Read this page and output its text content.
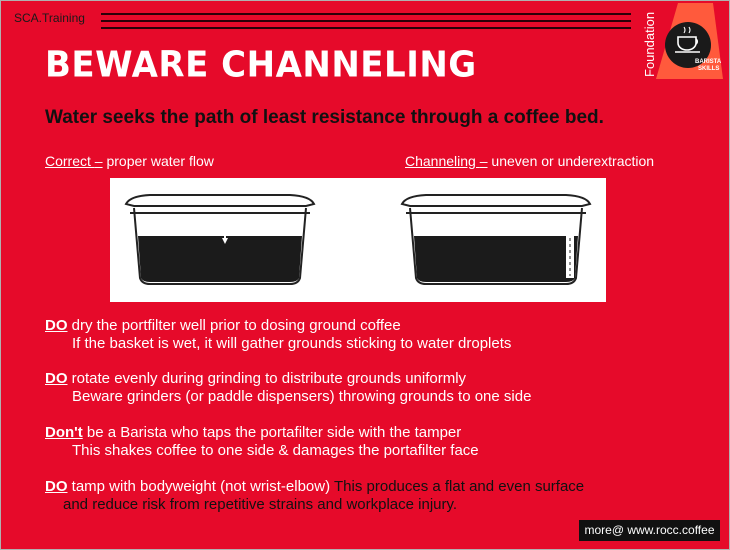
SCA.Training
BARISTA
SKILLS
Foundation
BEWARE CHANNELING
Water seeks the path of least resistance through a coffee bed.
Correct – proper water flow	Channeling – uneven or underextraction
DO dry the portfilter well prior to dosing ground coffee
If the basket is wet, it will gather grounds sticking to water droplets
DO rotate evenly during grinding to distribute grounds uniformly
Beware grinders (or paddle dispensers) throwing grounds to one side
Don't be a Barista who taps the portafilter side with the tamper
This shakes coffee to one side & damages the portafilter face
DO tamp with bodyweight (not wrist-elbow) This produces a flat and even surface
and reduce risk from repetitive strains and workplace injury.
more@ www.rocc.coffee
